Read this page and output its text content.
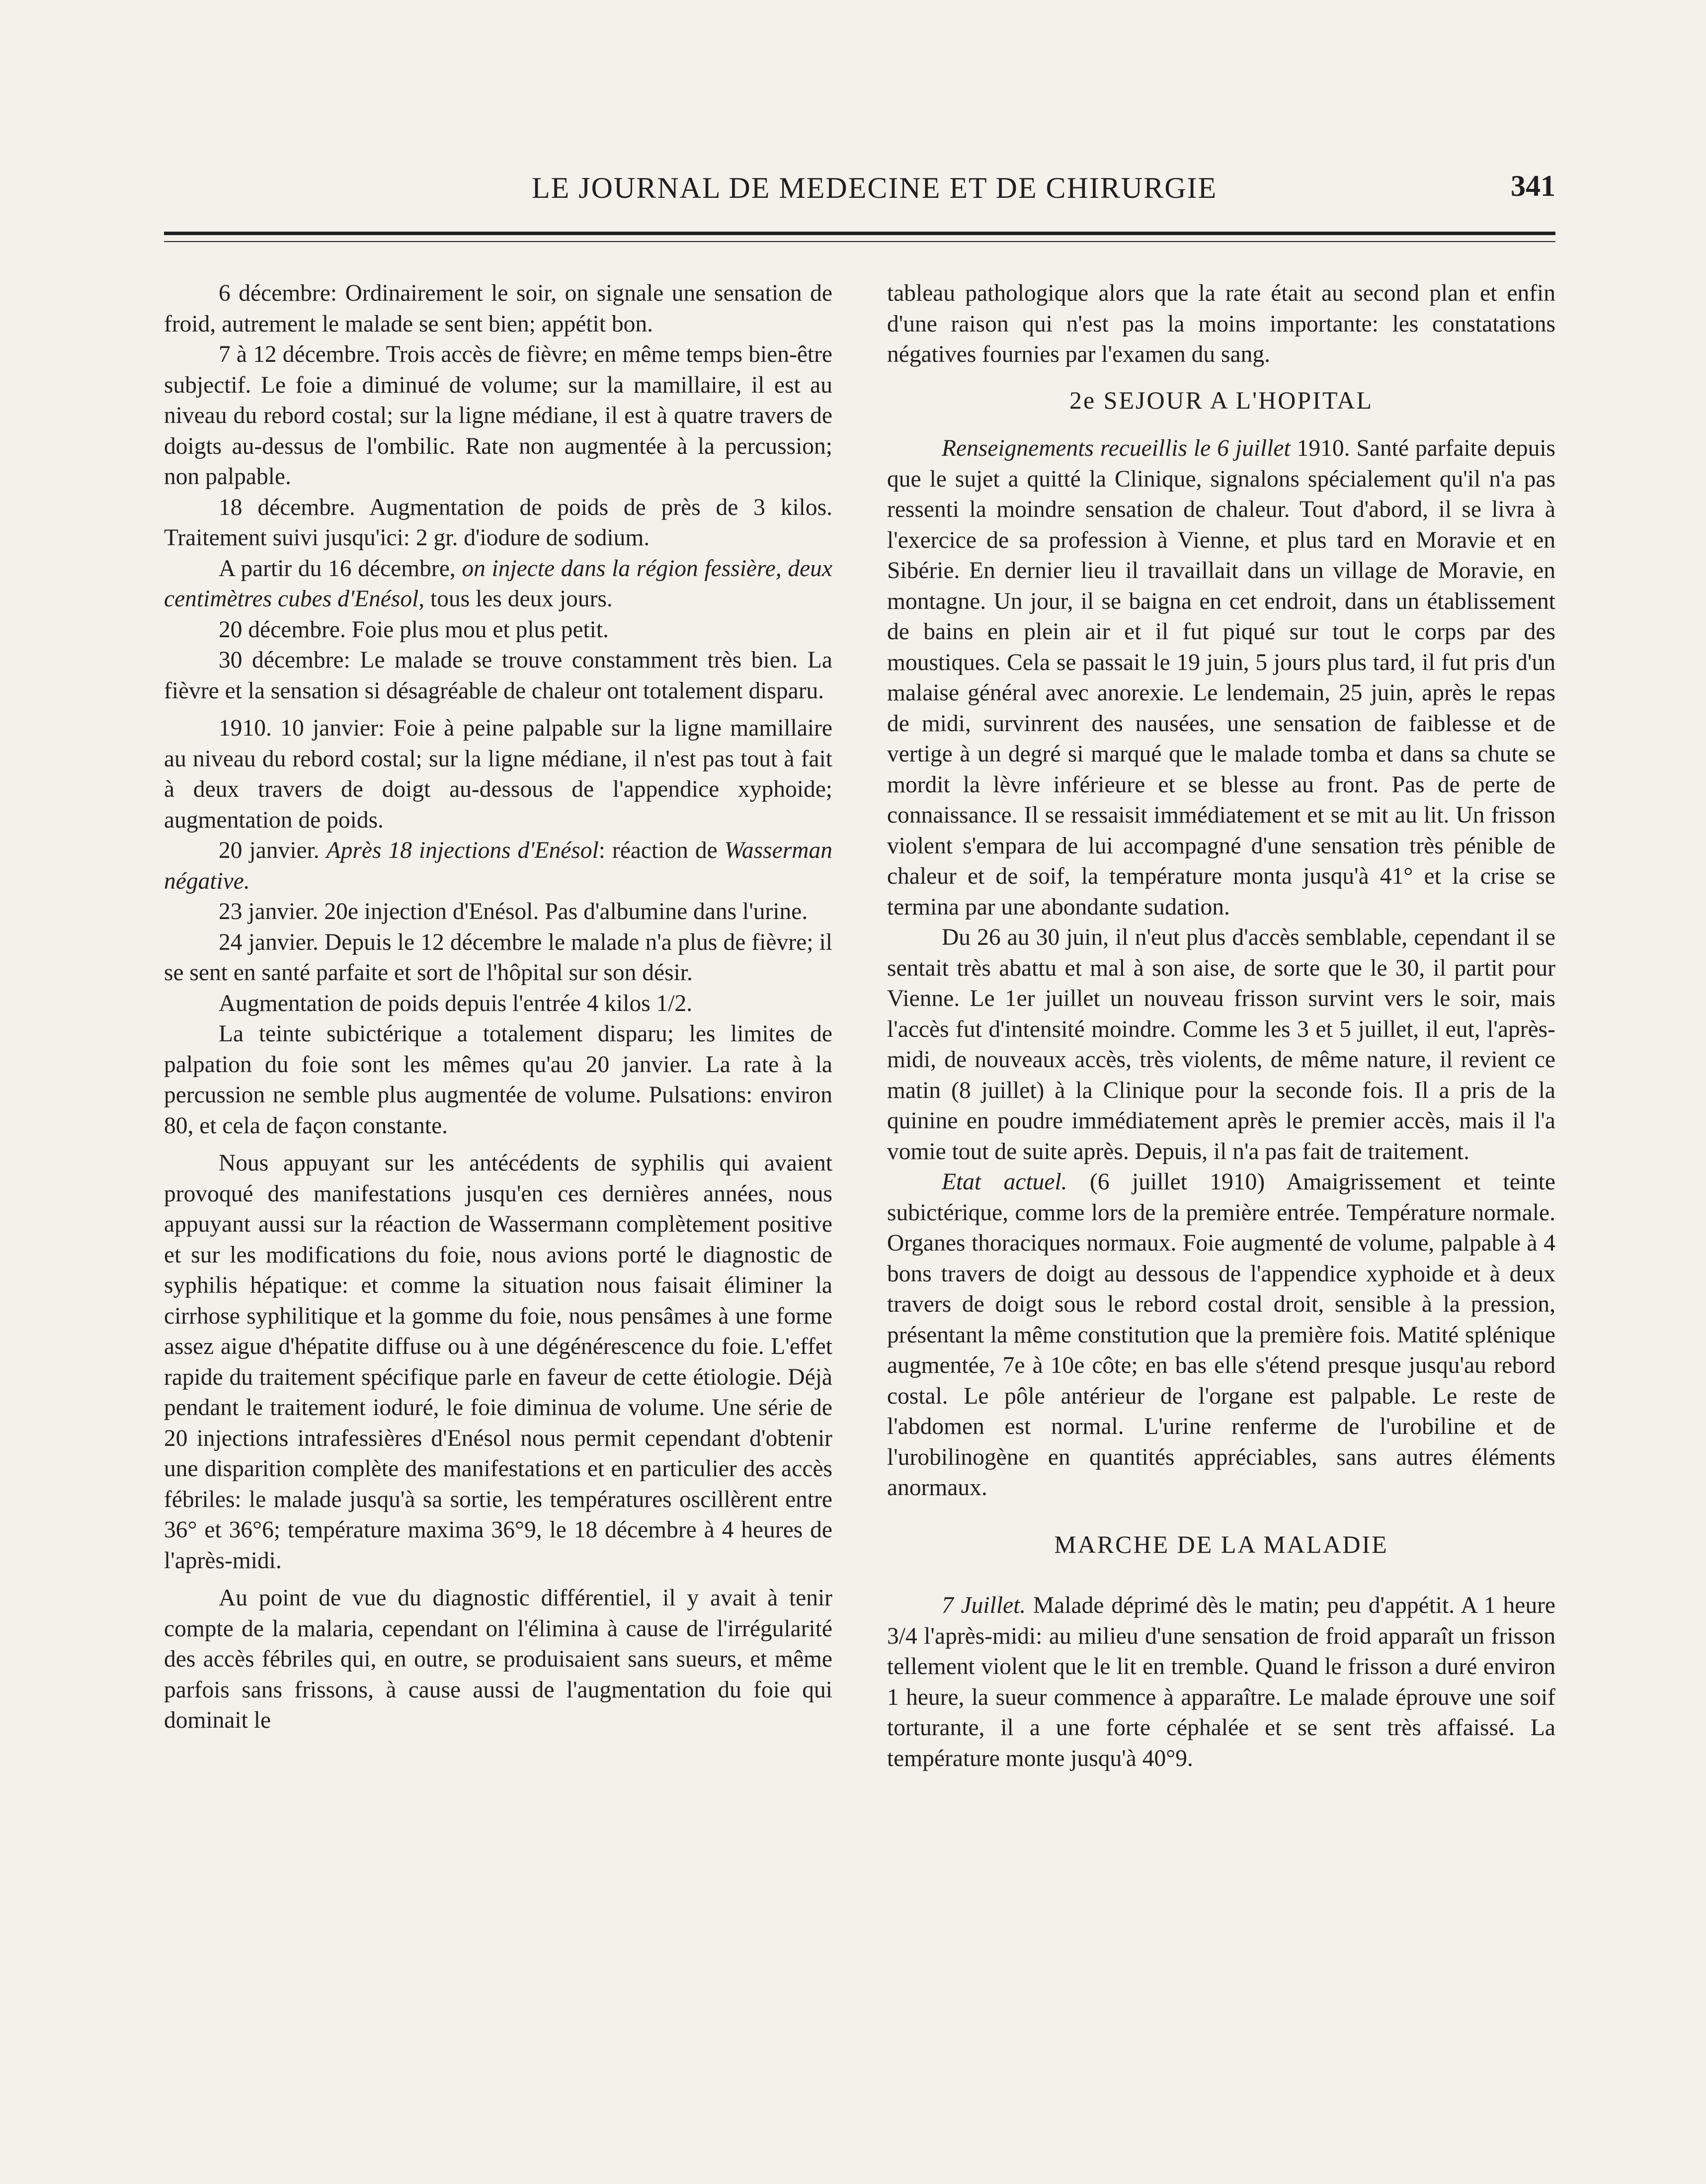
LE JOURNAL DE MEDECINE ET DE CHIRURGIE	341

6 décembre: Ordinairement le soir, on signale une sensation de froid, autrement le malade se sent bien; appétit bon.

7 à 12 décembre. Trois accès de fièvre; en même temps bien-être subjectif. Le foie a diminué de volume; sur la mamillaire, il est au niveau du rebord costal; sur la ligne médiane, il est à quatre travers de doigts au-dessus de l'ombilic. Rate non augmentée à la percussion; non palpable.

18 décembre. Augmentation de poids de près de 3 kilos. Traitement suivi jusqu'ici: 2 gr. d'iodure de sodium.

A partir du 16 décembre, on injecte dans la région fessière, deux centimètres cubes d'Enésol, tous les deux jours.

20 décembre. Foie plus mou et plus petit.

30 décembre: Le malade se trouve constamment très bien. La fièvre et la sensation si désagréable de chaleur ont totalement disparu.

1910. 10 janvier: Foie à peine palpable sur la ligne mamillaire au niveau du rebord costal; sur la ligne médiane, il n'est pas tout à fait à deux travers de doigt au-dessous de l'appendice xyphoide; augmentation de poids.

20 janvier. Après 18 injections d'Enésol: réaction de Wasserman négative.

23 janvier. 20e injection d'Enésol. Pas d'albumine dans l'urine.

24 janvier. Depuis le 12 décembre le malade n'a plus de fièvre; il se sent en santé parfaite et sort de l'hôpital sur son désir.

Augmentation de poids depuis l'entrée 4 kilos 1/2.

La teinte subictérique a totalement disparu; les limites de palpation du foie sont les mêmes qu'au 20 janvier. La rate à la percussion ne semble plus augmentée de volume. Pulsations: environ 80, et cela de façon constante.

Nous appuyant sur les antécédents de syphilis qui avaient provoqué des manifestations jusqu'en ces dernières années, nous appuyant aussi sur la réaction de Wassermann complètement positive et sur les modifications du foie, nous avions porté le diagnostic de syphilis hépatique: et comme la situation nous faisait éliminer la cirrhose syphilitique et la gomme du foie, nous pensâmes à une forme assez aigue d'hépatite diffuse ou à une dégénérescence du foie. L'effet rapide du traitement spécifique parle en faveur de cette étiologie. Déjà pendant le traitement ioduré, le foie diminua de volume. Une série de 20 injections intrafessières d'Enésol nous permit cependant d'obtenir une disparition complète des manifestations et en particulier des accès fébriles: le malade jusqu'à sa sortie, les températures oscillèrent entre 36° et 36°6; température maxima 36°9, le 18 décembre à 4 heures de l'après-midi.

Au point de vue du diagnostic différentiel, il y avait à tenir compte de la malaria, cependant on l'élimina à cause de l'irrégularité des accès fébriles qui, en outre, se produisaient sans sueurs, et même parfois sans frissons, à cause aussi de l'augmentation du foie qui dominait le

tableau pathologique alors que la rate était au second plan et enfin d'une raison qui n'est pas la moins importante: les constatations négatives fournies par l'examen du sang.

2e SEJOUR A L'HOPITAL

Renseignements recueillis le 6 juillet 1910. Santé parfaite depuis que le sujet a quitté la Clinique, signalons spécialement qu'il n'a pas ressenti la moindre sensation de chaleur. Tout d'abord, il se livra à l'exercice de sa profession à Vienne, et plus tard en Moravie et en Sibérie. En dernier lieu il travaillait dans un village de Moravie, en montagne. Un jour, il se baigna en cet endroit, dans un établissement de bains en plein air et il fut piqué sur tout le corps par des moustiques. Cela se passait le 19 juin, 5 jours plus tard, il fut pris d'un malaise général avec anorexie. Le lendemain, 25 juin, après le repas de midi, survinrent des nausées, une sensation de faiblesse et de vertige à un degré si marqué que le malade tomba et dans sa chute se mordit la lèvre inférieure et se blesse au front. Pas de perte de connaissance. Il se ressaisit immédiatement et se mit au lit. Un frisson violent s'empara de lui accompagné d'une sensation très pénible de chaleur et de soif, la température monta jusqu'à 41° et la crise se termina par une abondante sudation.

Du 26 au 30 juin, il n'eut plus d'accès semblable, cependant il se sentait très abattu et mal à son aise, de sorte que le 30, il partit pour Vienne. Le 1er juillet un nouveau frisson survint vers le soir, mais l'accès fut d'intensité moindre. Comme les 3 et 5 juillet, il eut, l'après-midi, de nouveaux accès, très violents, de même nature, il revient ce matin (8 juillet) à la Clinique pour la seconde fois. Il a pris de la quinine en poudre immédiatement après le premier accès, mais il l'a vomie tout de suite après. Depuis, il n'a pas fait de traitement.

Etat actuel. (6 juillet 1910) Amaigrissement et teinte subictérique, comme lors de la première entrée. Température normale. Organes thoraciques normaux. Foie augmenté de volume, palpable à 4 bons travers de doigt au dessous de l'appendice xyphoide et à deux travers de doigt sous le rebord costal droit, sensible à la pression, présentant la même constitution que la première fois. Matité splénique augmentée, 7e à 10e côte; en bas elle s'étend presque jusqu'au rebord costal. Le pôle antérieur de l'organe est palpable. Le reste de l'abdomen est normal. L'urine renferme de l'urobiline et de l'urobilinogène en quantités appréciables, sans autres éléments anormaux.

MARCHE DE LA MALADIE

7 Juillet. Malade déprimé dès le matin; peu d'appétit. A 1 heure 3/4 l'après-midi: au milieu d'une sensation de froid apparaît un frisson tellement violent que le lit en tremble. Quand le frisson a duré environ 1 heure, la sueur commence à apparaître. Le malade éprouve une soif torturante, il a une forte céphalée et se sent très affaissé. La température monte jusqu'à 40°9.
